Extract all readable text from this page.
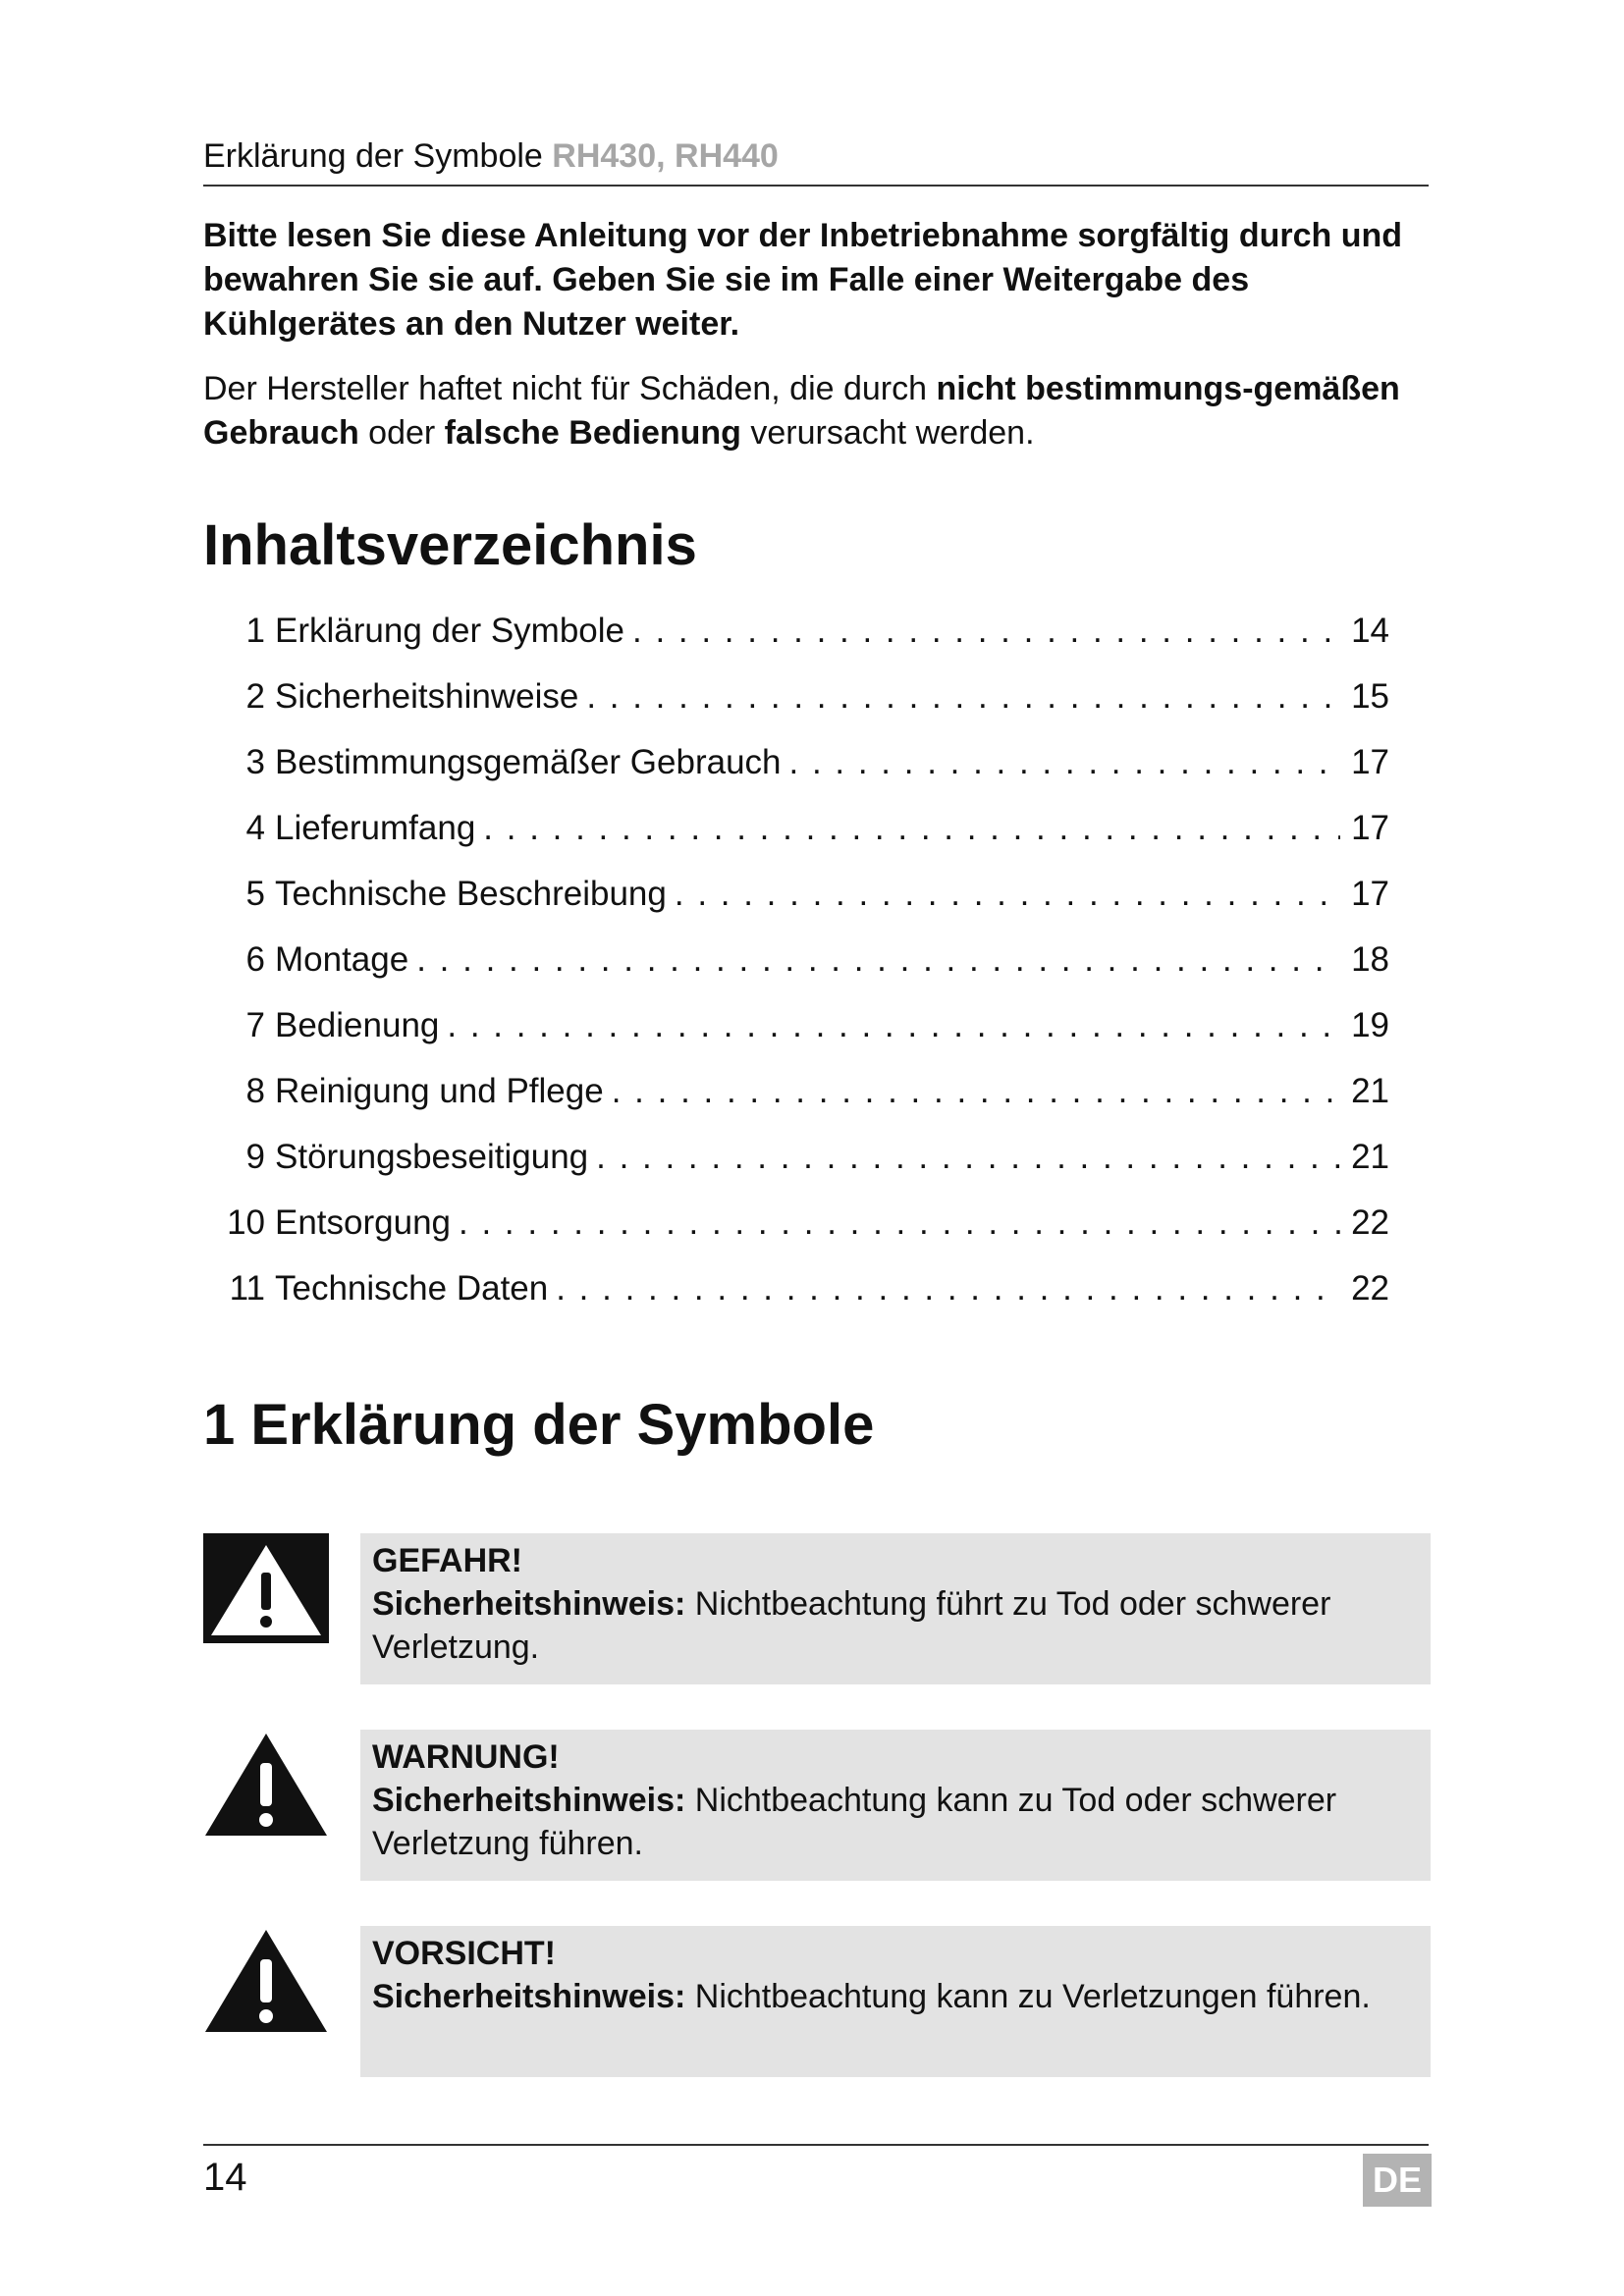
Erklärung der Symbole RH430, RH440
Bitte lesen Sie diese Anleitung vor der Inbetriebnahme sorgfältig durch und bewahren Sie sie auf. Geben Sie sie im Falle einer Weitergabe des Kühlgerätes an den Nutzer weiter.
Der Hersteller haftet nicht für Schäden, die durch nicht bestimmungs-gemäßen Gebrauch oder falsche Bedienung verursacht werden.
Inhaltsverzeichnis
1 Erklärung der Symbole . . .	14
2 Sicherheitshinweise . . .	15
3 Bestimmungsgemäßer Gebrauch . . .	17
4 Lieferumfang . . .	17
5 Technische Beschreibung . . .	17
6 Montage . . .	18
7 Bedienung . . .	19
8 Reinigung und Pflege . . .	21
9 Störungsbeseitigung . . .	21
10 Entsorgung . . .	22
11 Technische Daten . . .	22
1 Erklärung der Symbole
GEFAHR!
Sicherheitshinweis: Nichtbeachtung führt zu Tod oder schwerer Verletzung.
WARNUNG!
Sicherheitshinweis: Nichtbeachtung kann zu Tod oder schwerer Verletzung führen.
VORSICHT!
Sicherheitshinweis: Nichtbeachtung kann zu Verletzungen führen.
14	DE
